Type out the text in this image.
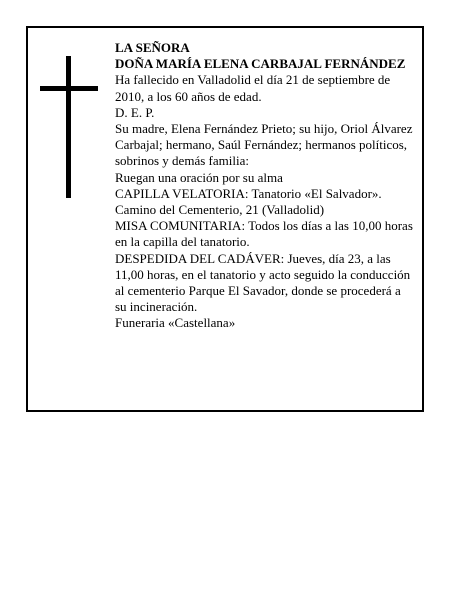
LA SEÑORA

DOÑA MARÍA ELENA CARBAJAL FERNÁNDEZ

Ha fallecido en Valladolid el día 21 de septiembre de 2010, a los 60 años de edad.

D. E. P.

Su madre, Elena Fernández Prieto; su hijo, Oriol Álvarez Carbajal; hermano, Saúl Fernández; hermanos políticos, sobrinos y demás familia:

Ruegan una oración por su alma

CAPILLA VELATORIA: Tanatorio «El Salvador». Camino del Cementerio, 21 (Valladolid)

MISA COMUNITARIA: Todos los días a las 10,00 horas en la capilla del tanatorio.

DESPEDIDA DEL CADÁVER: Jueves, día 23, a las 11,00 horas, en el tanatorio y acto seguido la conducción al cementerio Parque El Savador, donde se procederá a su incineración.

Funeraria «Castellana»
